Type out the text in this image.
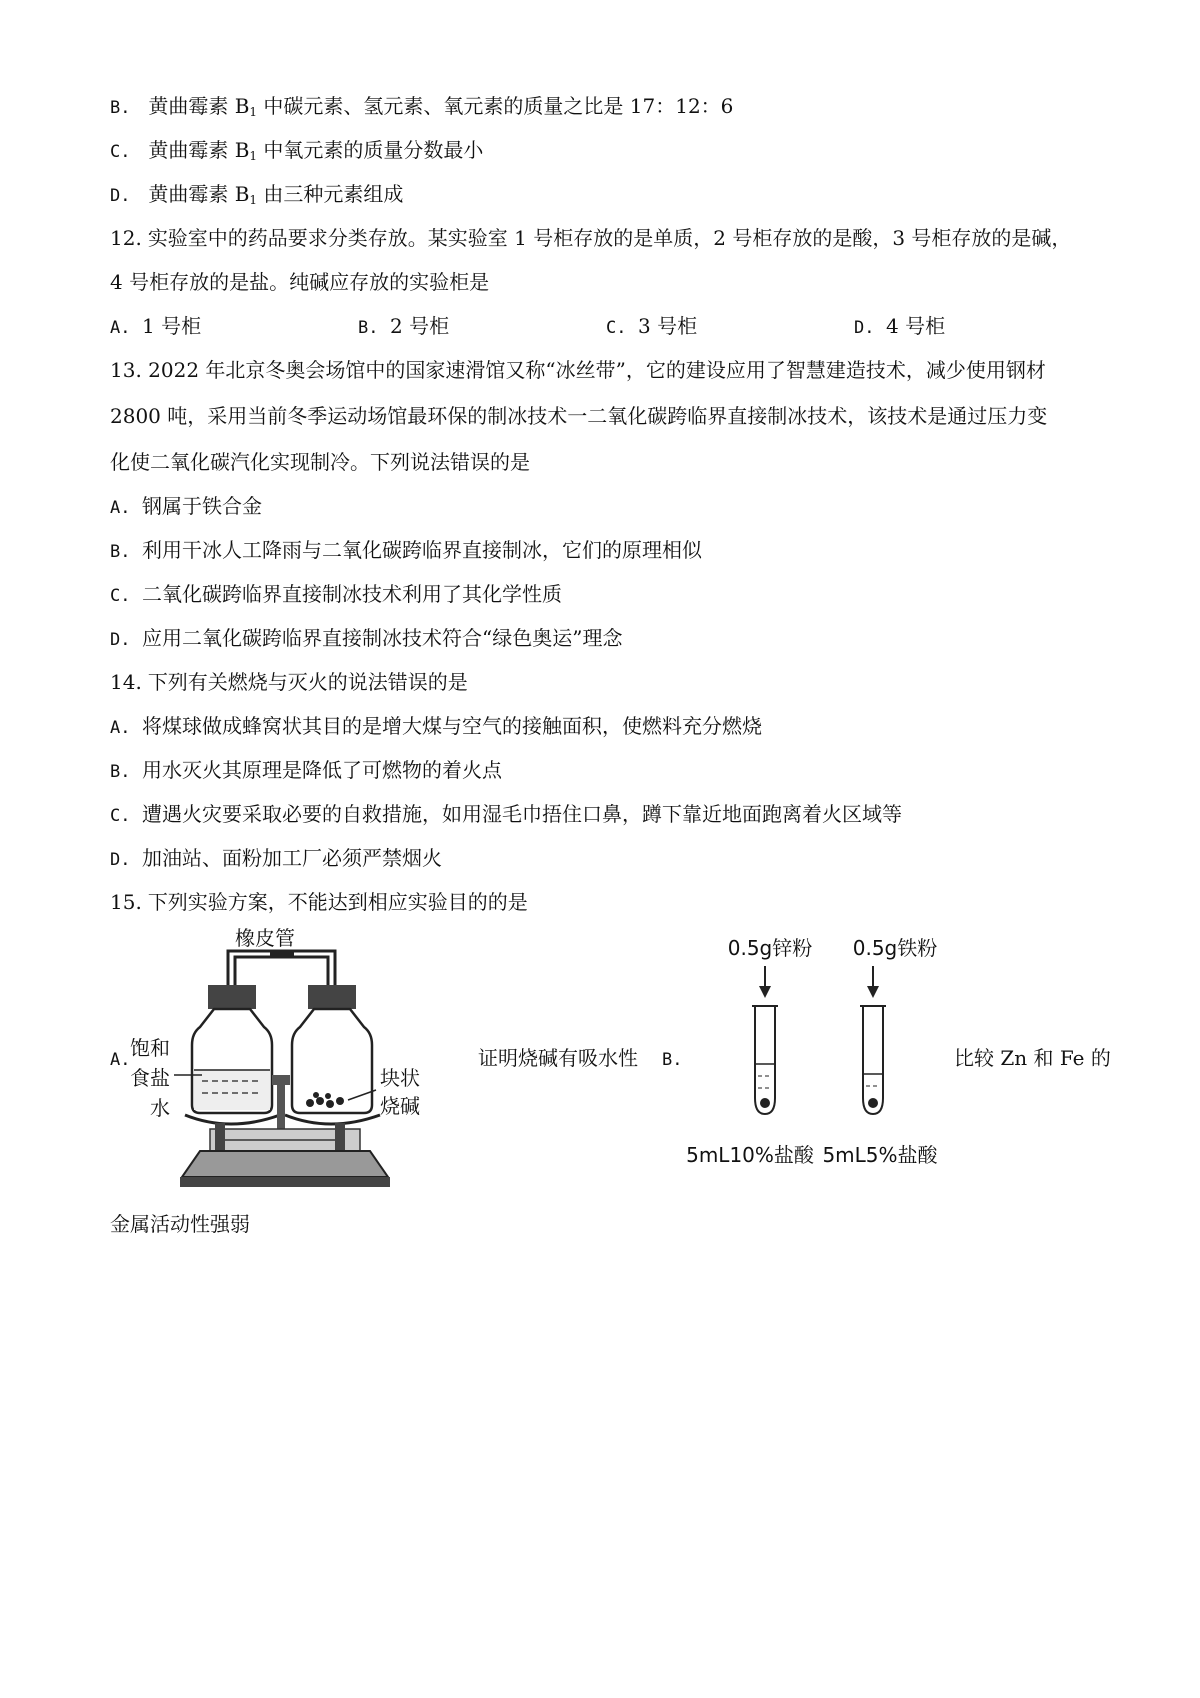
B. 黄曲霉素 $B_1$ 中碳元素、氢元素、氧元素的质量之比是 17：12：6
C. 黄曲霉素 $B_1$ 中氧元素的质量分数最小
D. 黄曲霉素 $B_1$ 由三种元素组成
12. 实验室中的药品要求分类存放。某实验室 1 号柜存放的是单质，2 号柜存放的是酸，3 号柜存放的是碱，
4 号柜存放的是盐。纯碱应存放的实验柜是
A. 1 号柜	B. 2 号柜	C. 3 号柜	D. 4 号柜
13. 2022 年北京冬奥会场馆中的国家速滑馆又称“冰丝带”，它的建设应用了智慧建造技术，减少使用钢材
2800 吨，采用当前冬季运动场馆最环保的制冰技术一二氧化碳跨临界直接制冰技术，该技术是通过压力变
化使二氧化碳汽化实现制冷。下列说法错误的是
A. 钢属于铁合金
B. 利用干冰人工降雨与二氧化碳跨临界直接制冰，它们的原理相似
C. 二氧化碳跨临界直接制冰技术利用了其化学性质
D. 应用二氧化碳跨临界直接制冰技术符合“绿色奥运”理念
14. 下列有关燃烧与灭火的说法错误的是
A. 将煤球做成蜂窝状其目的是增大煤与空气的接触面积，使燃料充分燃烧
B. 用水灭火其原理是降低了可燃物的着火点
C. 遭遇火灾要采取必要的自救措施，如用湿毛巾捂住口鼻，蹲下靠近地面跑离着火区域等
D. 加油站、面粉加工厂必须严禁烟火
15. 下列实验方案，不能达到相应实验目的的是
A.
橡皮管
饱和
食盐
水
块状
烧碱
证明烧碱有吸水性 B.
0.5g锌粉 0.5g铁粉
5mL10%盐酸 5mL5%盐酸
比较 Zn 和 Fe 的
金属活动性强弱
